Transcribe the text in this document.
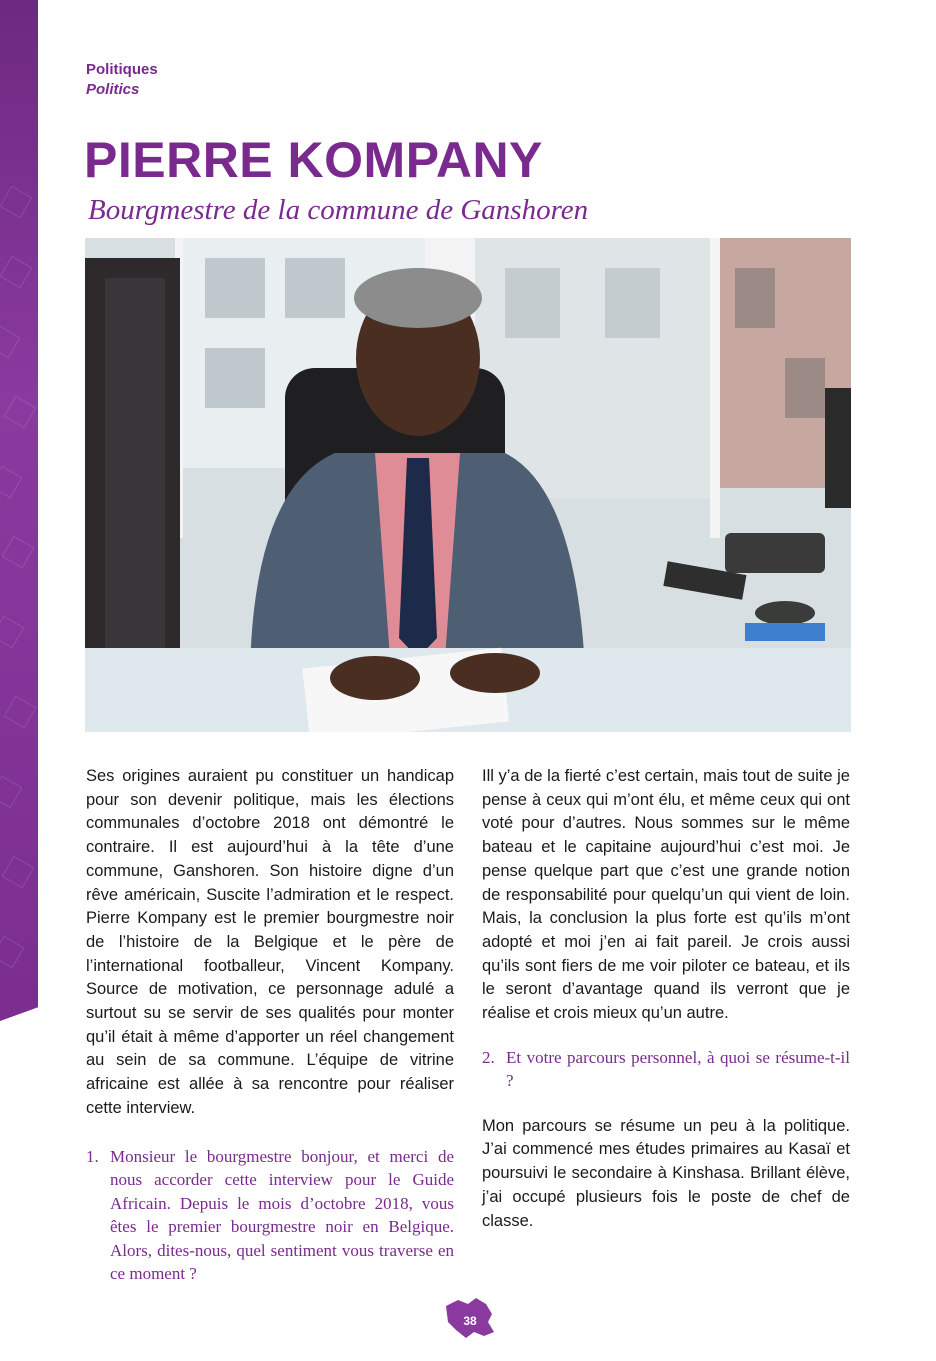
Politiques
Politics
PIERRE KOMPANY
Bourgmestre de la commune de Ganshoren

Ses origines auraient pu constituer un handicap pour son devenir politique, mais les élections communales d’octobre 2018 ont démontré le contraire. Il est aujourd’hui à la tête d’une commune, Ganshoren. Son histoire digne d’un rêve américain, Suscite l’admiration et le respect. Pierre Kompany est le premier bourgmestre noir de l’histoire de la Belgique et le père de l’international footballeur, Vincent Kompany. Source de motivation, ce personnage adulé a surtout su se servir de ses qualités pour monter qu’il était à même d’apporter un réel changement au sein de sa commune. L’équipe de vitrine africaine est allée à sa rencontre pour réaliser cette interview.

1. Monsieur le bourgmestre bonjour, et merci de nous accorder cette interview pour le Guide Africain. Depuis le mois d’octobre 2018, vous êtes le premier bourgmestre noir en Belgique. Alors, dites-nous, quel sentiment vous traverse en ce moment ?

Ill y’a de la fierté c’est certain, mais tout de suite je pense à ceux qui m’ont élu, et même ceux qui ont voté pour d’autres. Nous sommes sur le même bateau et le capitaine aujourd’hui c’est moi. Je pense quelque part que c’est une grande notion de responsabilité pour quelqu’un qui vient de loin. Mais, la conclusion la plus forte est qu’ils m’ont adopté et moi j’en ai fait pareil. Je crois aussi qu’ils sont fiers de me voir piloter ce bateau, et ils le seront d’avantage quand ils verront que je réalise et crois mieux qu’un autre.

2. Et votre parcours personnel, à quoi se résume-t-il ?

Mon parcours se résume un peu à la politique. J’ai commencé mes études primaires au Kasaï et poursuivi le secondaire à Kinshasa. Brillant élève, j’ai occupé plusieurs fois le poste de chef de classe.

38
